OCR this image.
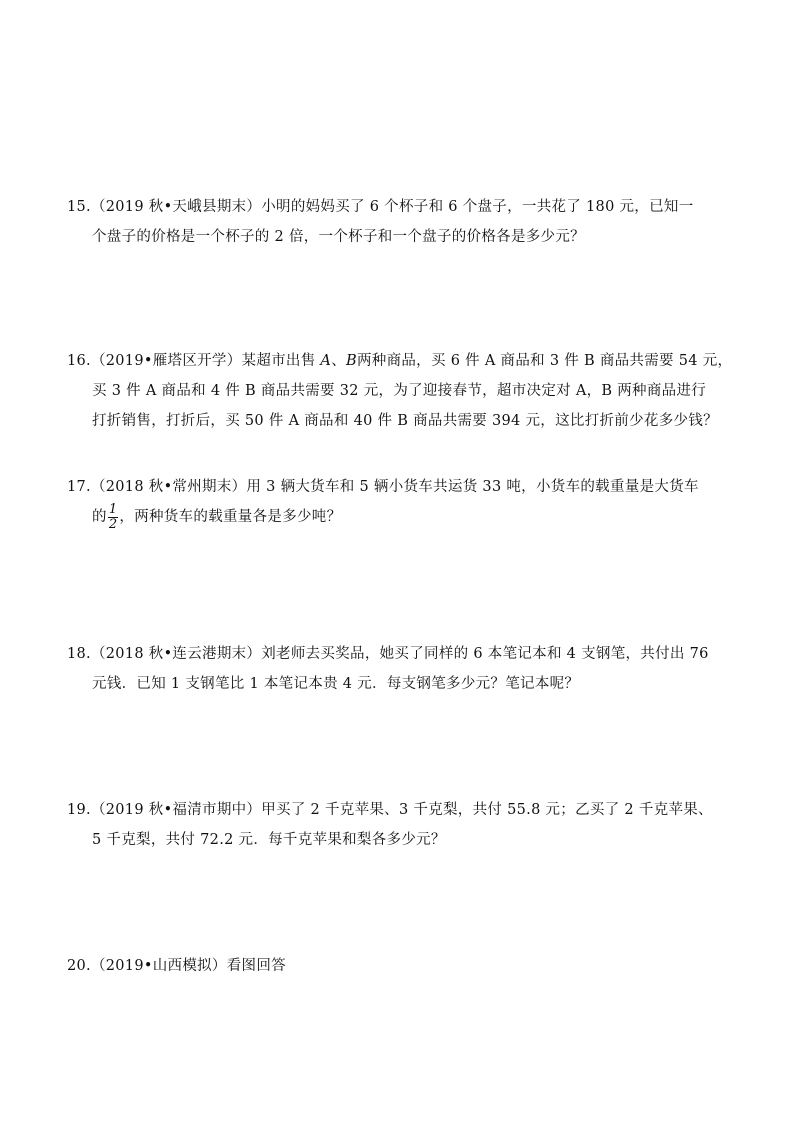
15.（2019 秋•天峨县期末）小明的妈妈买了 6 个杯子和 6 个盘子，一共花了 180 元，已知一
个盘子的价格是一个杯子的 2 倍，一个杯子和一个盘子的价格各是多少元？
16.（2019•雁塔区开学）某超市出售 A、B两种商品，买 6 件 A 商品和 3 件 B 商品共需要 54 元，
买 3 件 A 商品和 4 件 B 商品共需要 32 元，为了迎接春节，超市决定对 A，B 两种商品进行
打折销售，打折后，买 50 件 A 商品和 40 件 B 商品共需要 394 元，这比打折前少花多少钱？
17.（2018 秋•常州期末）用 3 辆大货车和 5 辆小货车共运货 33 吨，小货车的载重量是大货车
的 $\frac{1}{2}$ ，两种货车的载重量各是多少吨？
18.（2018 秋•连云港期末）刘老师去买奖品，她买了同样的 6 本笔记本和 4 支钢笔，共付出 76
元钱．已知 1 支钢笔比 1 本笔记本贵 4 元．每支钢笔多少元？笔记本呢？
19.（2019 秋•福清市期中）甲买了 2 千克苹果、3 千克梨，共付 55.8 元；乙买了 2 千克苹果、
5 千克梨，共付 72.2 元．每千克苹果和梨各多少元？
20.（2019•山西模拟）看图回答
